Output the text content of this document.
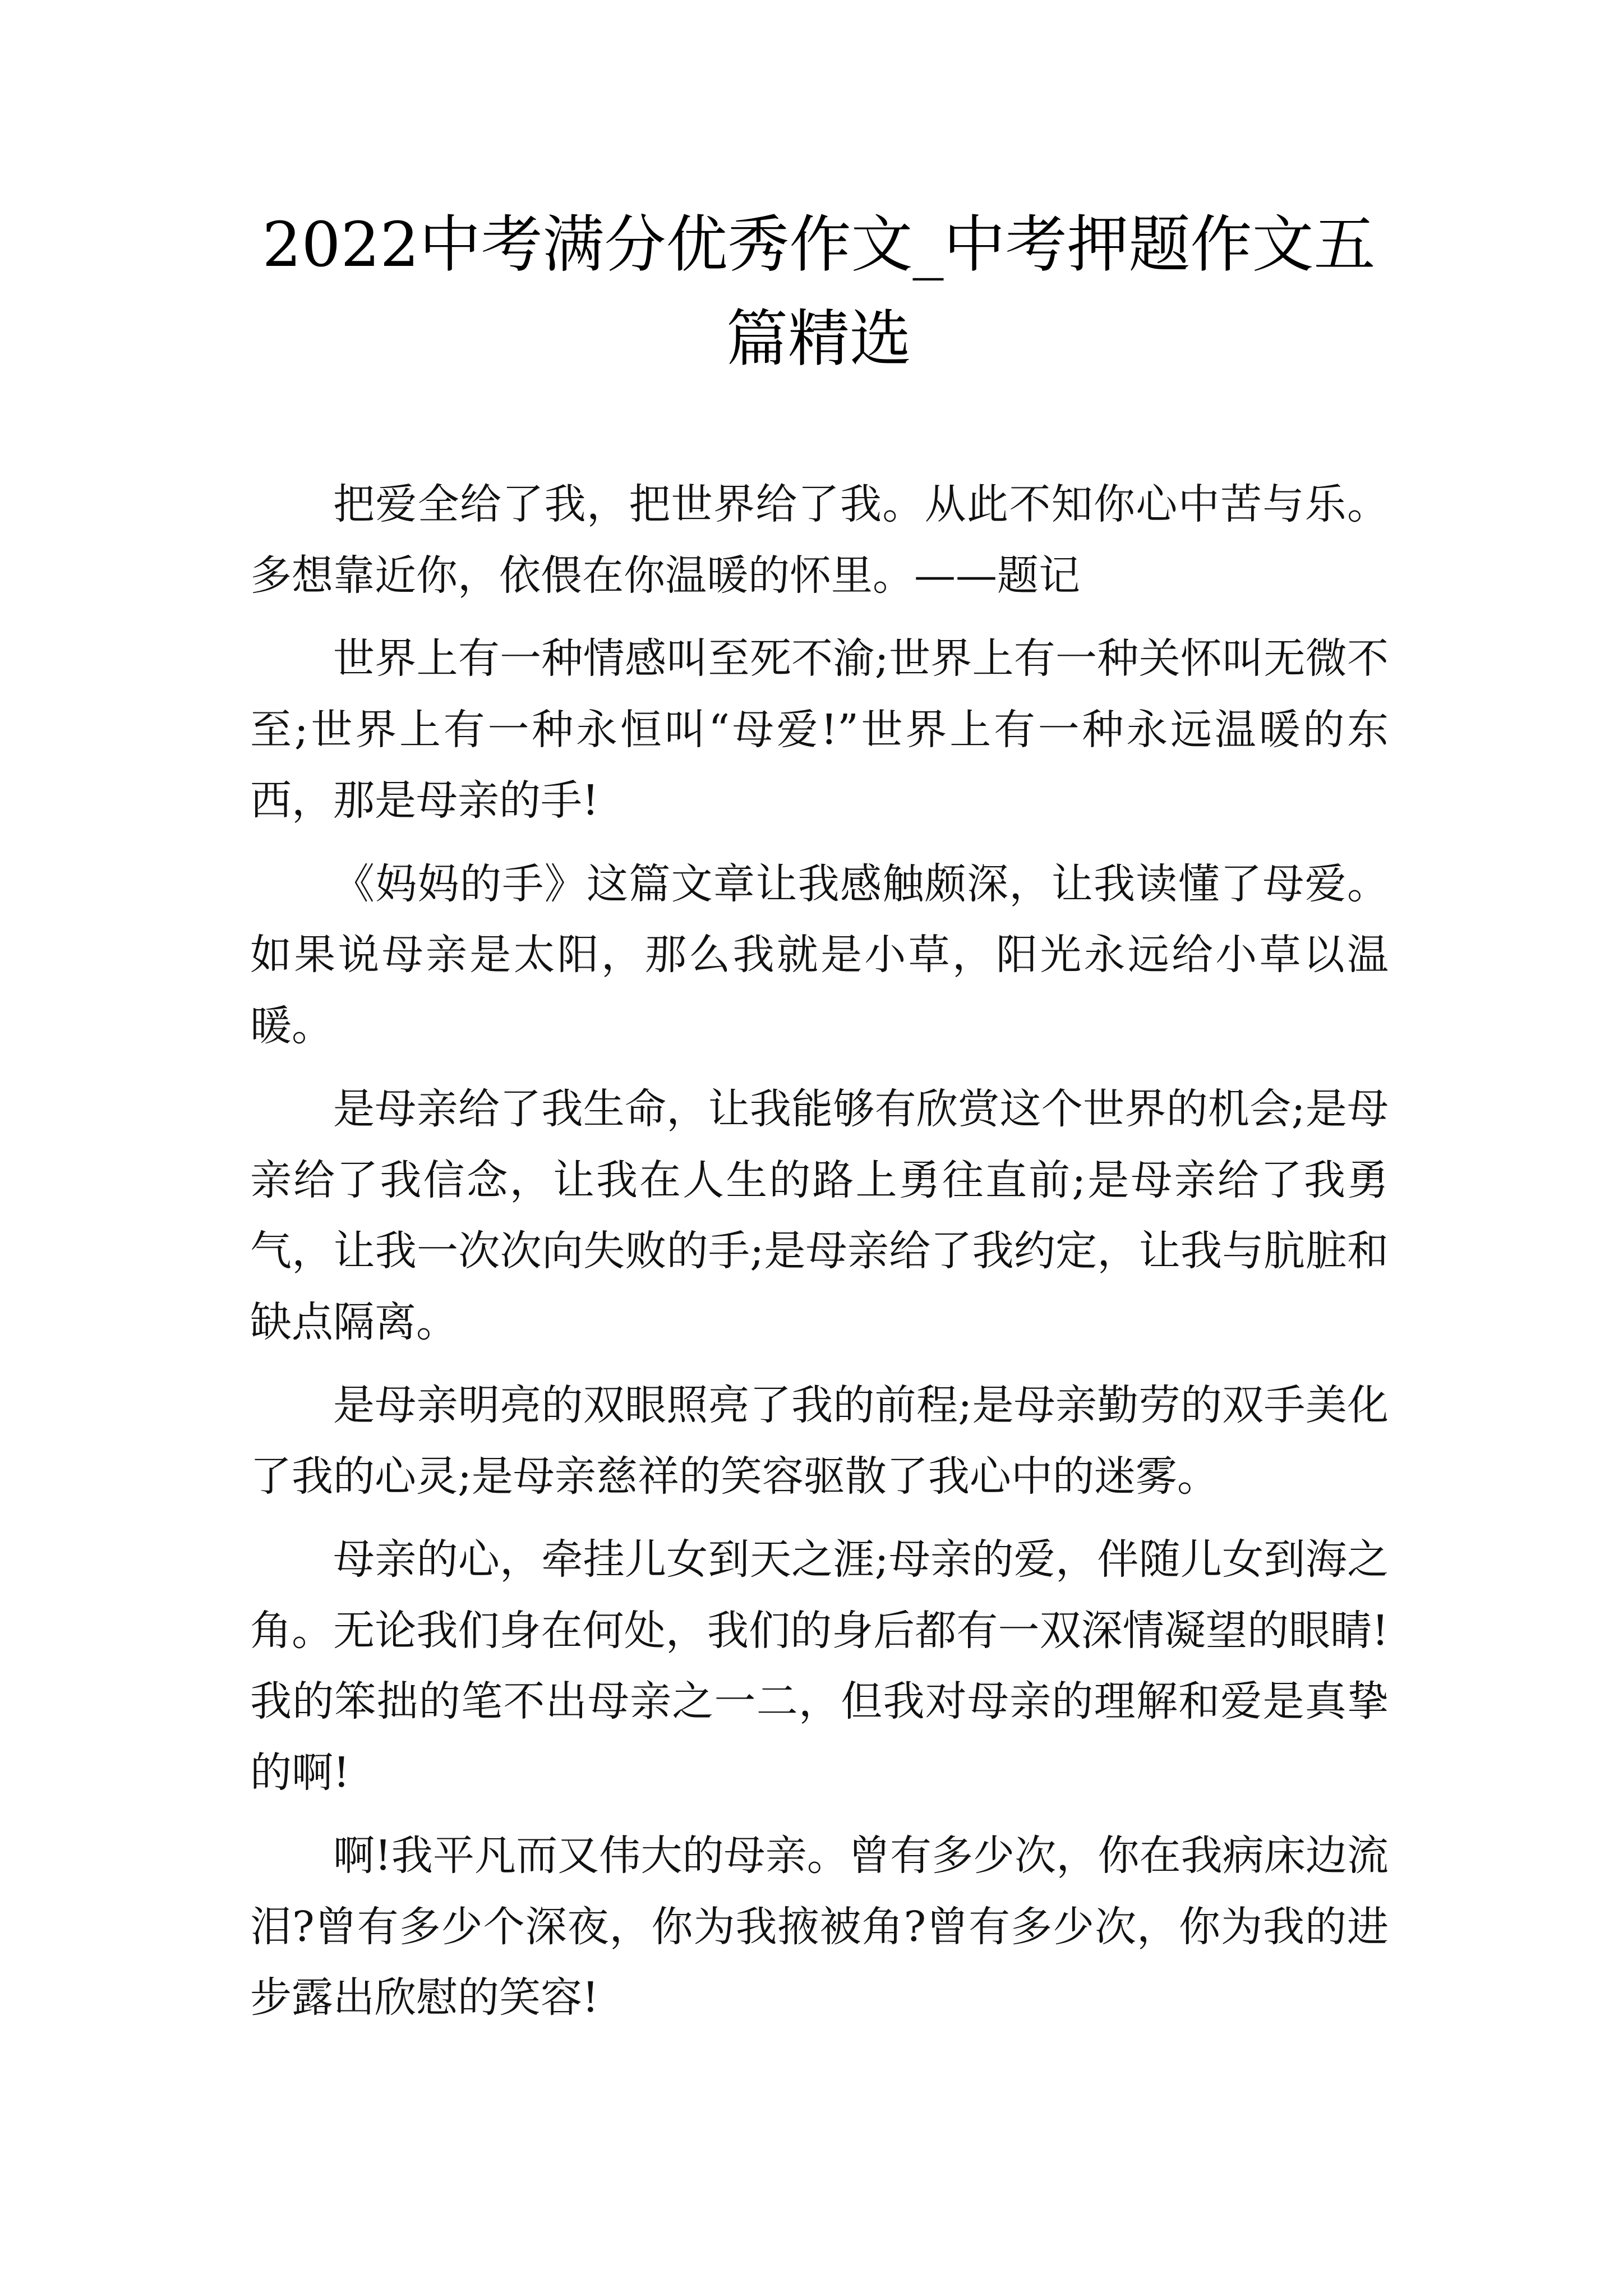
2022中考满分优秀作文_中考押题作文五篇精选

把爱全给了我，把世界给了我。从此不知你心中苦与乐。多想靠近你，依偎在你温暖的怀里。——题记

世界上有一种情感叫至死不渝;世界上有一种关怀叫无微不至;世界上有一种永恒叫“母爱!”世界上有一种永远温暖的东西，那是母亲的手!

《妈妈的手》这篇文章让我感触颇深，让我读懂了母爱。如果说母亲是太阳，那么我就是小草，阳光永远给小草以温暖。

是母亲给了我生命，让我能够有欣赏这个世界的机会;是母亲给了我信念，让我在人生的路上勇往直前;是母亲给了我勇气，让我一次次向失败的手;是母亲给了我约定，让我与肮脏和缺点隔离。

是母亲明亮的双眼照亮了我的前程;是母亲勤劳的双手美化了我的心灵;是母亲慈祥的笑容驱散了我心中的迷雾。

母亲的心，牵挂儿女到天之涯;母亲的爱，伴随儿女到海之角。无论我们身在何处，我们的身后都有一双深情凝望的眼睛!我的笨拙的笔不出母亲之一二，但我对母亲的理解和爱是真挚的啊!

啊!我平凡而又伟大的母亲。曾有多少次，你在我病床边流泪?曾有多少个深夜，你为我掖被角?曾有多少次，你为我的进步露出欣慰的笑容!
